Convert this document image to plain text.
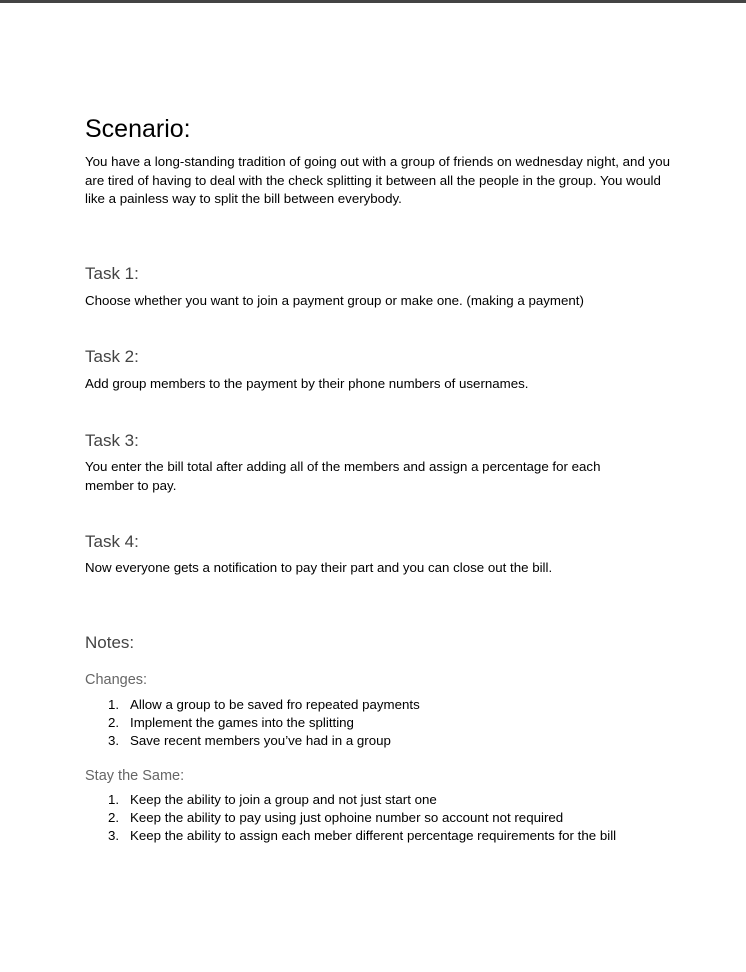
Scenario:

You have a long-standing tradition of going out with a group of friends on wednesday night, and you are tired of having to deal with the check splitting it between all the people in the group. You would like a painless way to split the bill between everybody.

Task 1:

Choose whether you want to join a payment group or make one. (making a payment)

Task 2:

Add group members to the payment by their phone numbers of usernames.

Task 3:

You enter the bill total after adding all of the members and assign a percentage for each member to pay.

Task 4:

Now everyone gets a notification to pay their part and you can close out the bill.

Notes:
Changes:
1. Allow a group to be saved fro repeated payments
2. Implement the games into the splitting
3. Save recent members you’ve had in a group
Stay the Same:
1. Keep the ability to join a group and not just start one
2. Keep the ability to pay using just ophoine number so account not required
3. Keep the ability to assign each meber different percentage requirements for the bill
